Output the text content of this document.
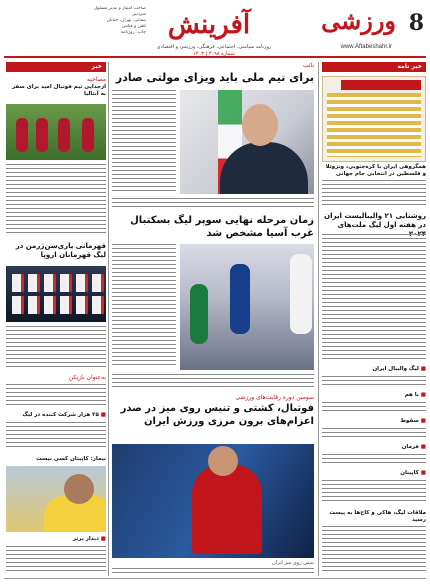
8
ورزشی
www.Aftabeshahr.ir
آفرینش
روزنامه سیاسی، اجتماعی، فرهنگی، ورزشی و اقتصادی
شماره ۴۰۹۸ | ۱۴۰۳
صاحب امتیاز و مدیر مسئول
سردبیر
نشانی: تهران، خیابان
تلفن و فکس
چاپ: روزنامه
خبر
مصاحبه
ازجدایی تیم فوتبال امید برای سفر به آنتالیا
قهرمانی پاری‌سن‌ژرمن در لیگ قهرمانان اروپا
به‌عنوان بازیکن
■ ۲۵ هزار شرکت کننده در لیگ
نیمار: کاپیتان کسی نیست
■ دیدار برتر
نائب
برای تیم ملی باید ویزای مولتی صادر
زمان مرحله نهایی سوپر لیگ بسکتبال غرب آسیا مشخص شد
سومین دوره رقابت‌های ورزشی
فوتبال، کشتی و تنیس روی میز در صدر اعزام‌های برون مرزی ورزش ایران
تنیس روی میز ایران
خبر نامه
همگروهی ایران با کره‌جنوبی، ونزوئلا و فلسطین در انتخابی جام جهانی
روشنایی ۲۱ والیبالیست ایران در هفته اول لیگ ملت‌های
■ لیگ والیبال ایران
■ با هم
■ سقوط
■ فرمان
■ کاپیتان
ملاقات لیگ، هاکی و کاخ‌ها به پیست رسید
